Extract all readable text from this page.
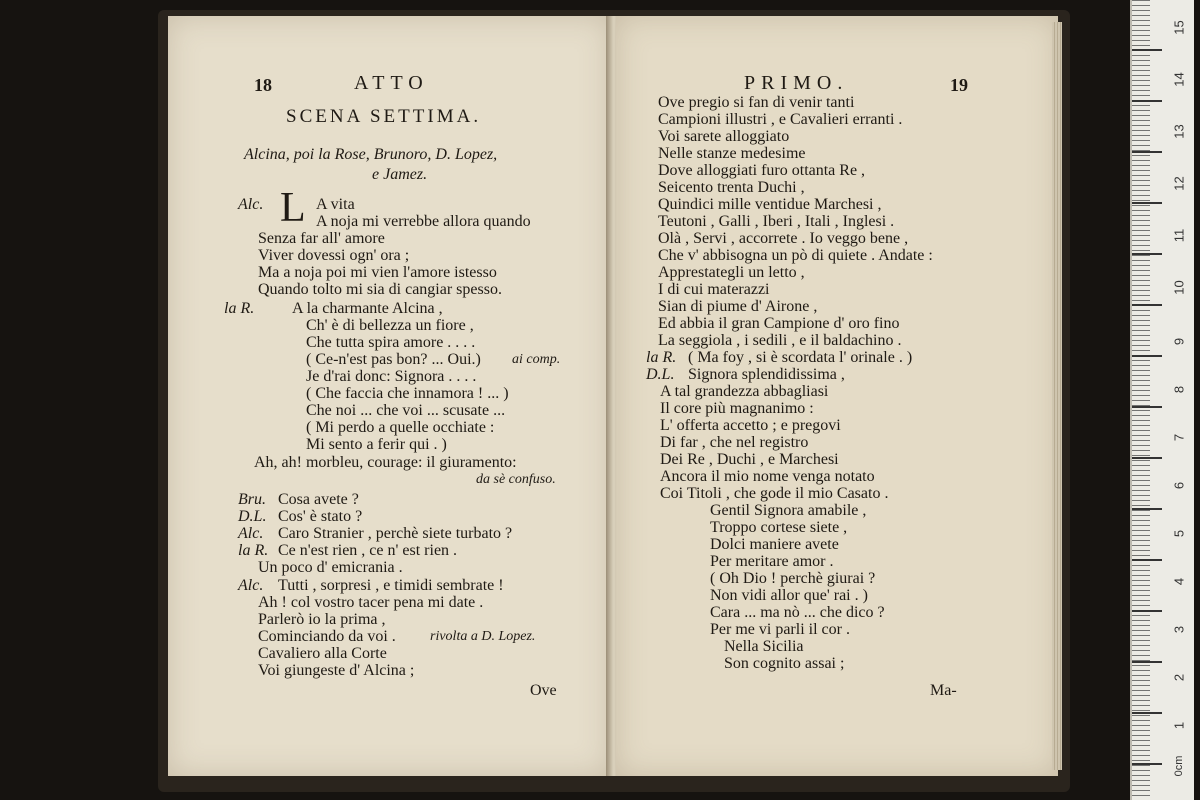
18	ATTO
SCENA SETTIMA.
Alcina, poi la Rose, Brunoro, D. Lopez,
e Jamez.
Alc. L A vita
A noja mi verrebbe allora quando
Senza far all' amore
Viver dovessi ogn' ora ;
Ma a noja poi mi vien l'amore istesso
Quando tolto mi sia di cangiar spesso.
la R. A la charmante Alcina ,
Ch' è di bellezza un fiore ,
Che tutta spira amore . . . .
( Ce-n'est pas bon? ... Oui.) ai comp.
Je d'rai donc: Signora . . . .
( Che faccia che innamora ! ... )
Che noi ... che voi ... scusate ...
( Mi perdo a quelle occhiate :
Mi sento a ferir qui . )
Ah, ah! morbleu, courage: il giuramento:
da sè confuso.
Bru. Cosa avete ?
D.L. Cos' è stato ?
Alc. Caro Stranier , perchè siete turbato ?
la R. Ce n'est rien , ce n' est rien .
Un poco d' emicrania .
Alc. Tutti , sorpresi , e timidi sembrate !
Ah ! col vostro tacer pena mi date .
Parlerò io la prima ,
Cominciando da voi . rivolta a D. Lopez.
Cavaliero alla Corte
Voi giungeste d' Alcina ;
Ove
PRIMO.	19
Ove pregio si fan di venir tanti
Campioni illustri , e Cavalieri erranti .
Voi sarete alloggiato
Nelle stanze medesime
Dove alloggiati furo ottanta Re ,
Seicento trenta Duchi ,
Quindici mille ventidue Marchesi ,
Teutoni , Galli , Iberi , Itali , Inglesi .
Olà , Servi , accorrete . Io veggo bene ,
Che v' abbisogna un pò di quiete . Andate :
Apprestategli un letto ,
I di cui materazzi
Sian di piume d' Airone ,
Ed abbia il gran Campione d' oro fino
La seggiola , i sedili , e il baldachino .
la R. ( Ma foy , si è scordata l' orinale . )
D.L. Signora splendidissima ,
A tal grandezza abbagliasi
Il core più magnanimo :
L' offerta accetto ; e pregovi
Di far , che nel registro
Dei Re , Duchi , e Marchesi
Ancora il mio nome venga notato
Coi Titoli , che gode il mio Casato .
Gentil Signora amabile ,
Troppo cortese siete ,
Dolci maniere avete
Per meritare amor .
( Oh Dio ! perchè giurai ?
Non vidi allor que' rai . )
Cara ... ma nò ... che dico ?
Per me vi parli il cor .
Nella Sicilia
Son cognito assai ;
Ma-
0cm
1
2
3
4
5
6
7
8
9
10
11
12
13
14
15
